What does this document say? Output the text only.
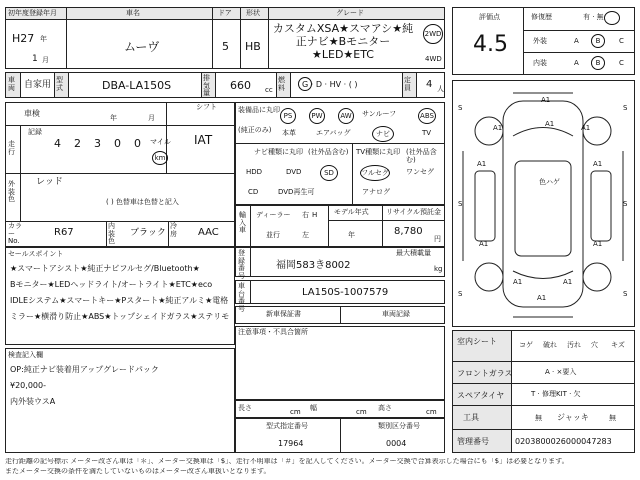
初年度登録年月	車名	ドア 形状	グレード
H27 年
1 月
ムーヴ	5 HB
カスタムXSA★スマアシ★純正ナビ★Bモニター★LED★ETC
2WD
4WD
車両	自家用 型式	DBA-LA150S
排気量
660 cc
燃料	G · D · HV · ( )	定員	4 人
車検	年	月
シフト
記録
走行
4 2 3 0 0 マイル
km
IAT
外装色
レッド
( ) 色替車は色替と記入
カラー No.
R67
内装色
ブラック
冷房	AAC
装備品に丸印
(純正のみ)
PS	PW	AW	サンルーフ	ABS
本革	エアバッグ	ナビ	TV
ナビ種類に丸印 (社外品含む)
HDD	DVD	SD
CD	DVD再生可
TV種類に丸印 (社外品含む)
フルセグ ワンセグ
アナログ
輸入車
ディーラー
並行
右 H
左
モデル年式
年
リサイクル預託金
8,780
円
セールスポイント
★スマートアシスト★純正ナビフルセグ/Bluetooth★
Bモニター★LEDヘッドライト/オートライト★ETC★eco
IDLEシステム★スマートキー★Pスタート★純正アルミ★電格
ミラー★横滑り防止★ABS★トップシェイドガラス★ステリモ
検査記入欄
OP:純正ナビ装着用アップグレードパック
¥20,000-
内外装ウスA
最大積載量
kg
登録番号
福岡583き8002
車台番号
LA150S-1007579
新車保証書	車両記録
注意事項・不具合箇所
長さ	cm 幅	cm 高さ	cm
型式指定番号
17964
類別区分番号
0004
評価点
4.5
修復歴	有 · 無
外装	A	B	C
内装	A	B	C
A1
A1
A1	A1
A1	A1
A1	A1
A1	A1
A1
色ハゲ
S	S
S	S
S	S
室内シート	コゲ 破れ 汚れ 穴 キズ
フロントガラス	A · ×要入
スペアタイヤ	T · 修理KIT · 欠
工具	無 ジャッキ	無
管理番号	0203800026000047283
走行距離の記号標示 メーター改ざん車は「＊」、メーター交換車は「$」、走行不明車は「＃」を記入してください。メーター交換で合算表示した場合にも「$」は必要となります。
またメーター交換の条件を満たしていないものはメーター改ざん車扱いとなります。
